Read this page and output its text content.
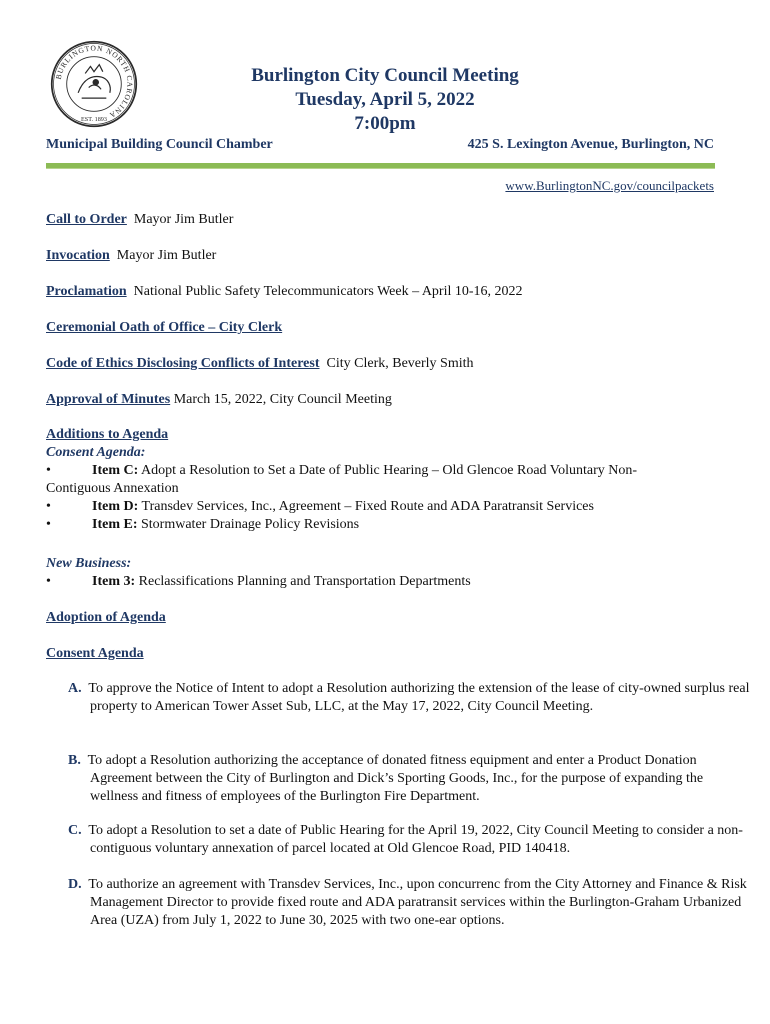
BURLINGTON NORTH CAROLINA
EST. 1893
Burlington City Council Meeting
Tuesday, April 5, 2022
7:00pm
Municipal Building Council Chamber	425 S. Lexington Avenue, Burlington, NC
www.BurlingtonNC.gov/councilpackets
Call to Order Mayor Jim Butler
Invocation Mayor Jim Butler
Proclamation National Public Safety Telecommunicators Week – April 10-16, 2022
Ceremonial Oath of Office – City Clerk
Code of Ethics Disclosing Conflicts of Interest City Clerk, Beverly Smith
Approval of Minutes March 15, 2022, City Council Meeting
Additions to Agenda
Consent Agenda:
•	Item C: Adopt a Resolution to Set a Date of Public Hearing – Old Glencoe Road Voluntary Non-
Contiguous Annexation
•	Item D: Transdev Services, Inc., Agreement – Fixed Route and ADA Paratransit Services
•	Item E: Stormwater Drainage Policy Revisions
New Business:
•	Item 3: Reclassifications Planning and Transportation Departments
Adoption of Agenda
Consent Agenda
A. To approve the Notice of Intent to adopt a Resolution authorizing the extension of the lease of city-owned surplus real property to American Tower Asset Sub, LLC, at the May 17, 2022, City Council Meeting.
B. To adopt a Resolution authorizing the acceptance of donated fitness equipment and enter a Product Donation Agreement between the City of Burlington and Dick’s Sporting Goods, Inc., for the purpose of expanding the wellness and fitness of employees of the Burlington Fire Department.
C. To adopt a Resolution to set a date of Public Hearing for the April 19, 2022, City Council Meeting to consider a non-contiguous voluntary annexation of parcel located at Old Glencoe Road, PID 140418.
D. To authorize an agreement with Transdev Services, Inc., upon concurrenc from the City Attorney and Finance & Risk Management Director to provide fixed route and ADA paratransit services within the Burlington-Graham Urbanized Area (UZA) from July 1, 2022 to June 30, 2025 with two one-ear options.
